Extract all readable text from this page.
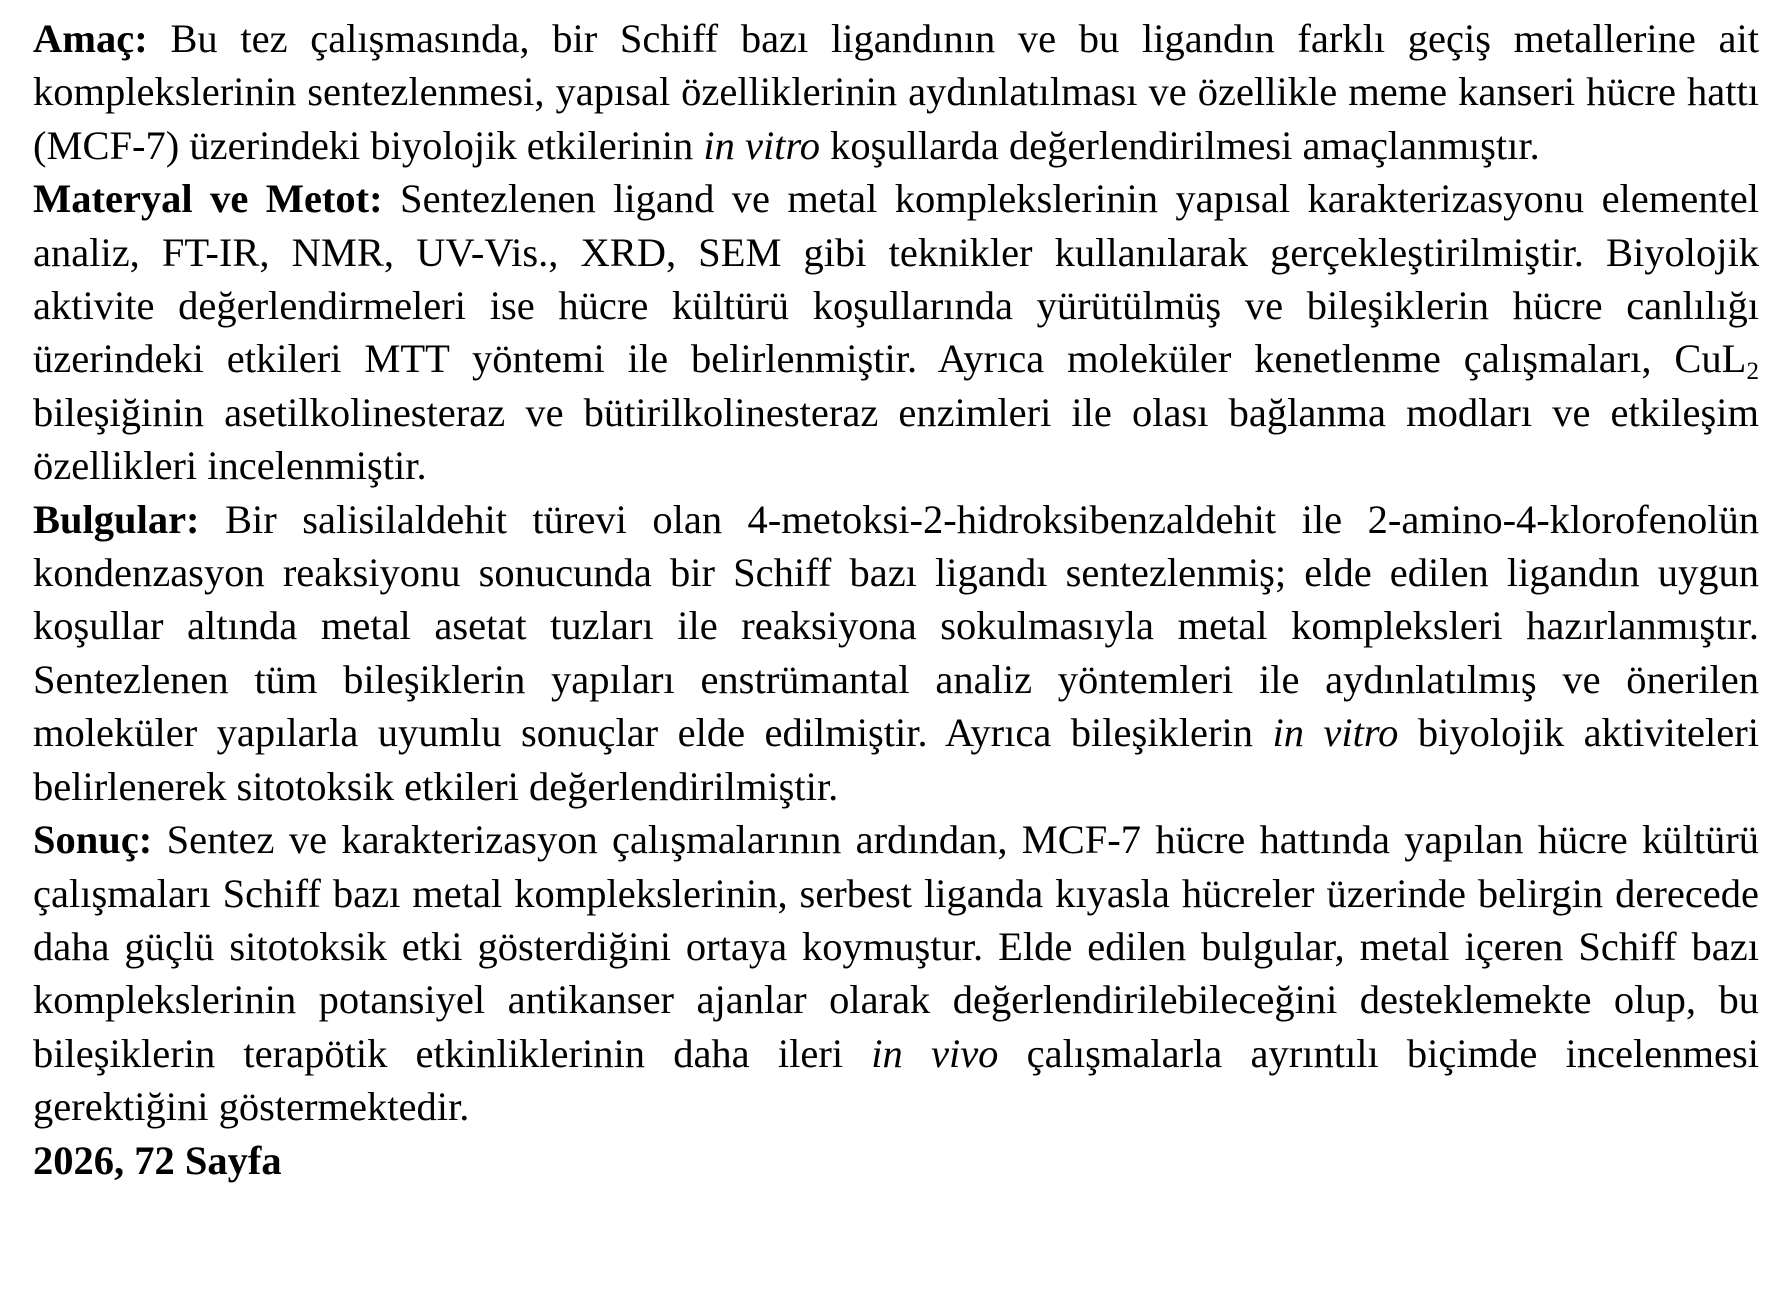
Amaç: Bu tez çalışmasında, bir Schiff bazı ligandının ve bu ligandın farklı geçiş metallerine ait komplekslerinin sentezlenmesi, yapısal özelliklerinin aydınlatılması ve özellikle meme kanseri hücre hattı (MCF-7) üzerindeki biyolojik etkilerinin in vitro koşullarda değerlendirilmesi amaçlanmıştır.

Materyal ve Metot: Sentezlenen ligand ve metal komplekslerinin yapısal karakterizasyonu elementel analiz, FT-IR, NMR, UV-Vis., XRD, SEM gibi teknikler kullanılarak gerçekleştirilmiştir. Biyolojik aktivite değerlendirmeleri ise hücre kültürü koşullarında yürütülmüş ve bileşiklerin hücre canlılığı üzerindeki etkileri MTT yöntemi ile belirlenmiştir. Ayrıca moleküler kenetlenme çalışmaları, CuL$_2$ bileşiğinin asetilkolinesteraz ve bütirilkolinesteraz enzimleri ile olası bağlanma modları ve etkileşim özellikleri incelenmiştir.

Bulgular: Bir salisilaldehit türevi olan 4-metoksi-2-hidroksibenzaldehit ile 2-amino-4-klorofenolün kondenzasyon reaksiyonu sonucunda bir Schiff bazı ligandı sentezlenmiş; elde edilen ligandın uygun koşullar altında metal asetat tuzları ile reaksiyona sokulmasıyla metal kompleksleri hazırlanmıştır. Sentezlenen tüm bileşiklerin yapıları enstrümantal analiz yöntemleri ile aydınlatılmış ve önerilen moleküler yapılarla uyumlu sonuçlar elde edilmiştir. Ayrıca bileşiklerin in vitro biyolojik aktiviteleri belirlenerek sitotoksik etkileri değerlendirilmiştir.

Sonuç: Sentez ve karakterizasyon çalışmalarının ardından, MCF-7 hücre hattında yapılan hücre kültürü çalışmaları Schiff bazı metal komplekslerinin, serbest liganda kıyasla hücreler üzerinde belirgin derecede daha güçlü sitotoksik etki gösterdiğini ortaya koymuştur. Elde edilen bulgular, metal içeren Schiff bazı komplekslerinin potansiyel antikanser ajanlar olarak değerlendirilebileceğini desteklemekte olup, bu bileşiklerin terapötik etkinliklerinin daha ileri in vivo çalışmalarla ayrıntılı biçimde incelenmesi gerektiğini göstermektedir.

2026, 72 Sayfa
